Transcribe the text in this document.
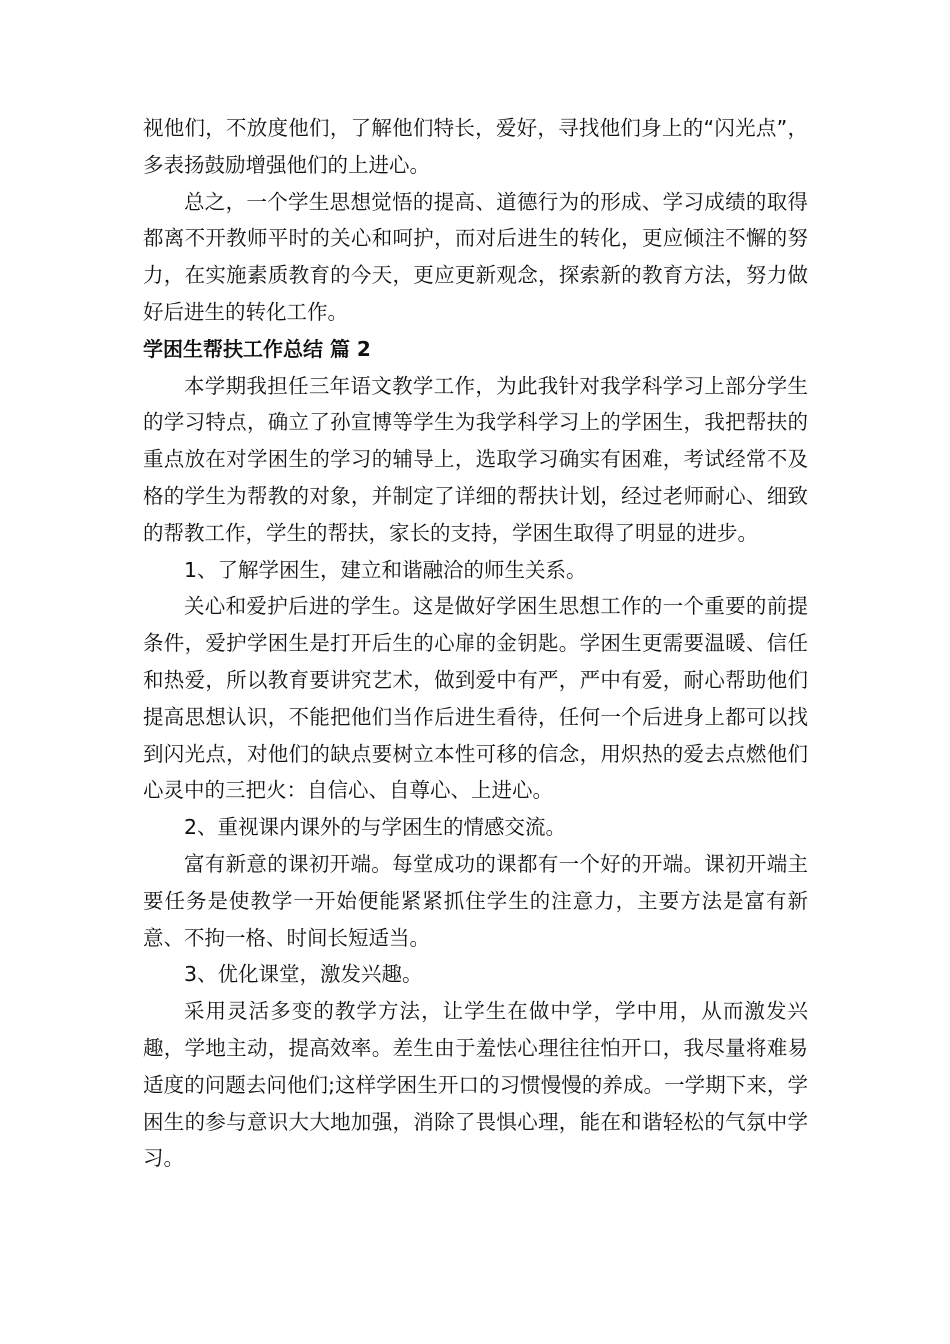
视他们，不放度他们，了解他们特长，爱好，寻找他们身上的“闪光点”，多表扬鼓励增强他们的上进心。

总之，一个学生思想觉悟的提高、道德行为的形成、学习成绩的取得都离不开教师平时的关心和呵护，而对后进生的转化，更应倾注不懈的努力，在实施素质教育的今天，更应更新观念，探索新的教育方法，努力做好后进生的转化工作。

学困生帮扶工作总结 篇 2

本学期我担任三年语文教学工作，为此我针对我学科学习上部分学生的学习特点，确立了孙宣博等学生为我学科学习上的学困生，我把帮扶的重点放在对学困生的学习的辅导上，选取学习确实有困难，考试经常不及格的学生为帮教的对象，并制定了详细的帮扶计划，经过老师耐心、细致的帮教工作，学生的帮扶，家长的支持，学困生取得了明显的进步。

1、了解学困生，建立和谐融洽的师生关系。

关心和爱护后进的学生。这是做好学困生思想工作的一个重要的前提条件，爱护学困生是打开后生的心扉的金钥匙。学困生更需要温暖、信任和热爱，所以教育要讲究艺术，做到爱中有严，严中有爱，耐心帮助他们提高思想认识，不能把他们当作后进生看待，任何一个后进身上都可以找到闪光点，对他们的缺点要树立本性可移的信念，用炽热的爱去点燃他们心灵中的三把火：自信心、自尊心、上进心。

2、重视课内课外的与学困生的情感交流。

富有新意的课初开端。每堂成功的课都有一个好的开端。课初开端主要任务是使教学一开始便能紧紧抓住学生的注意力，主要方法是富有新意、不拘一格、时间长短适当。

3、优化课堂，激发兴趣。

采用灵活多变的教学方法，让学生在做中学，学中用，从而激发兴趣，学地主动，提高效率。差生由于羞怯心理往往怕开口，我尽量将难易适度的问题去问他们;这样学困生开口的习惯慢慢的养成。一学期下来，学困生的参与意识大大地加强，消除了畏惧心理，能在和谐轻松的气氛中学习。
